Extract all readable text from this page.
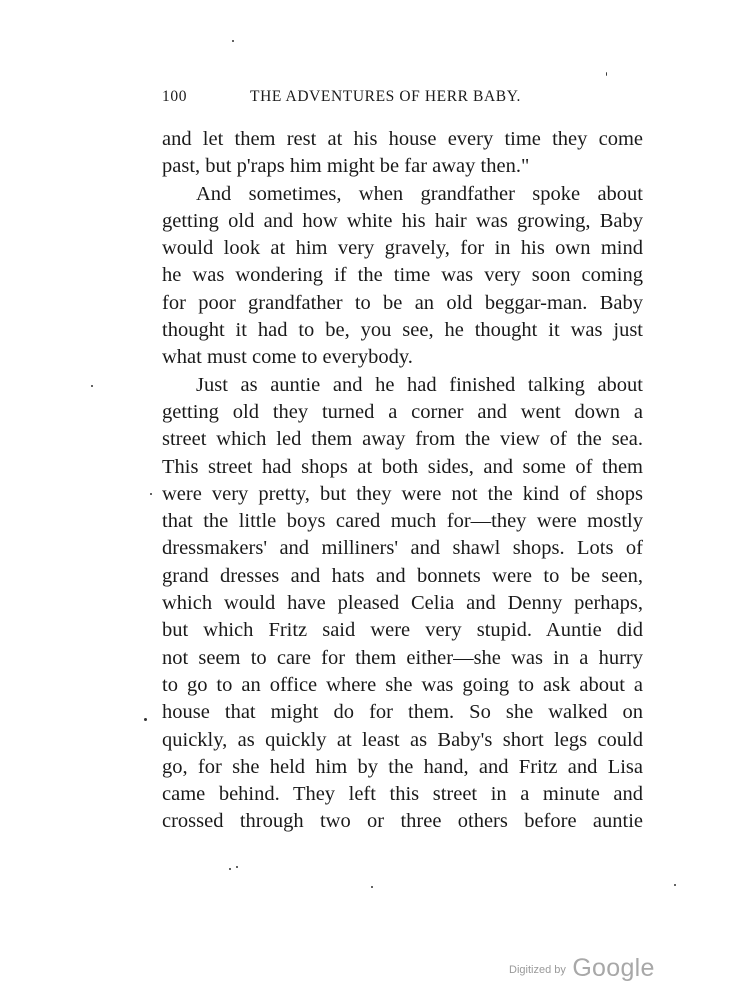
100	THE ADVENTURES OF HERR BABY.
and let them rest at his house every time they come
past, but p'raps him might be far away then."
And sometimes, when grandfather spoke about
getting old and how white his hair was growing, Baby
would look at him very gravely, for in his own mind
he was wondering if the time was very soon coming
for poor grandfather to be an old beggar-man. Baby
thought it had to be, you see, he thought it was just
what must come to everybody.
Just as auntie and he had finished talking about
getting old they turned a corner and went down a
street which led them away from the view of the sea.
This street had shops at both sides, and some of them
were very pretty, but they were not the kind of shops
that the little boys cared much for—they were mostly
dressmakers' and milliners' and shawl shops. Lots of
grand dresses and hats and bonnets were to be seen,
which would have pleased Celia and Denny perhaps,
but which Fritz said were very stupid. Auntie did
not seem to care for them either—she was in a hurry
to go to an office where she was going to ask about a
house that might do for them. So she walked on
quickly, as quickly at least as Baby's short legs could
go, for she held him by the hand, and Fritz and Lisa
came behind. They left this street in a minute and
crossed through two or three others before auntie
Digitized by Google
